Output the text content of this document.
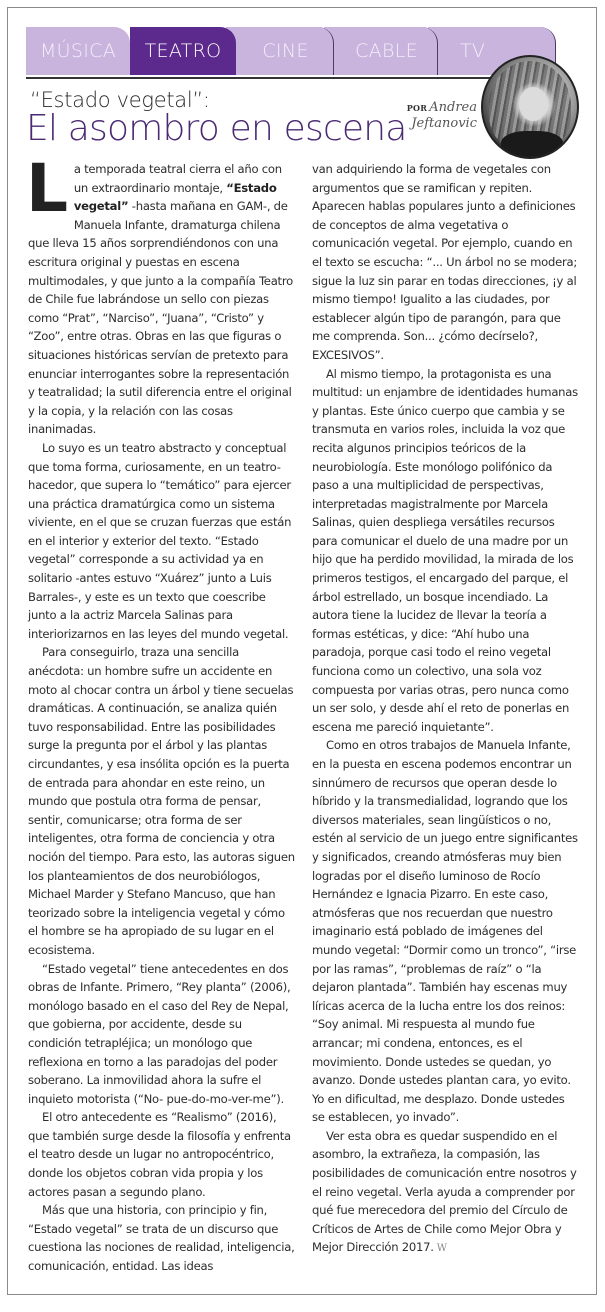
MÚSICA TEATRO CINE CABLE TV
“Estado vegetal”:
El asombro en escena POR Andrea
Jeftanovic

La temporada teatral cierra el año con un extraordinario montaje, “Estado vegetal” -hasta mañana en GAM-, de Manuela Infante, dramaturga chilena que lleva 15 años sorprendiéndonos con una escritura original y puestas en escena multimodales, y que junto a la compañía Teatro de Chile fue labrándose un sello con piezas como “Prat”, “Narciso”, “Juana”, “Cristo” y “Zoo”, entre otras. Obras en las que figuras o situaciones históricas servían de pretexto para enunciar interrogantes sobre la representación y teatralidad; la sutil diferencia entre el original y la copia, y la relación con las cosas inanimadas.

Lo suyo es un teatro abstracto y conceptual que toma forma, curiosamente, en un teatro-hacedor, que supera lo “temático” para ejercer una práctica dramatúrgica como un sistema viviente, en el que se cruzan fuerzas que están en el interior y exterior del texto. “Estado vegetal” corresponde a su actividad ya en solitario -antes estuvo “Xuárez” junto a Luis Barrales-, y este es un texto que coescribe junto a la actriz Marcela Salinas para interiorizarnos en las leyes del mundo vegetal.

Para conseguirlo, traza una sencilla anécdota: un hombre sufre un accidente en moto al chocar contra un árbol y tiene secuelas dramáticas. A continuación, se analiza quién tuvo responsabilidad. Entre las posibilidades surge la pregunta por el árbol y las plantas circundantes, y esa insólita opción es la puerta de entrada para ahondar en este reino, un mundo que postula otra forma de pensar, sentir, comunicarse; otra forma de ser inteligentes, otra forma de conciencia y otra noción del tiempo. Para esto, las autoras siguen los planteamientos de dos neurobiólogos, Michael Marder y Stefano Mancuso, que han teorizado sobre la inteligencia vegetal y cómo el hombre se ha apropiado de su lugar en el ecosistema.

“Estado vegetal” tiene antecedentes en dos obras de Infante. Primero, “Rey planta” (2006), monólogo basado en el caso del Rey de Nepal, que gobierna, por accidente, desde su condición tetrapléjica; un monólogo que reflexiona en torno a las paradojas del poder soberano. La inmovilidad ahora la sufre el inquieto motorista (“No- pue-do-mo-ver-me”).

El otro antecedente es “Realismo” (2016), que también surge desde la filosofía y enfrenta el teatro desde un lugar no antropocéntrico, donde los objetos cobran vida propia y los actores pasan a segundo plano.

Más que una historia, con principio y fin, “Estado vegetal” se trata de un discurso que cuestiona las nociones de realidad, inteligencia, comunicación, entidad. Las ideas

van adquiriendo la forma de vegetales con argumentos que se ramifican y repiten. Aparecen hablas populares junto a definiciones de conceptos de alma vegetativa o comunicación vegetal. Por ejemplo, cuando en el texto se escucha: “... Un árbol no se modera; sigue la luz sin parar en todas direcciones, ¡y al mismo tiempo! Igualito a las ciudades, por establecer algún tipo de parangón, para que me comprenda. Son... ¿cómo decírselo?, EXCESIVOS”.

Al mismo tiempo, la protagonista es una multitud: un enjambre de identidades humanas y plantas. Este único cuerpo que cambia y se transmuta en varios roles, incluida la voz que recita algunos principios teóricos de la neurobiología. Este monólogo polifónico da paso a una multiplicidad de perspectivas, interpretadas magistralmente por Marcela Salinas, quien despliega versátiles recursos para comunicar el duelo de una madre por un hijo que ha perdido movilidad, la mirada de los primeros testigos, el encargado del parque, el árbol estrellado, un bosque incendiado. La autora tiene la lucidez de llevar la teoría a formas estéticas, y dice: “Ahí hubo una paradoja, porque casi todo el reino vegetal funciona como un colectivo, una sola voz compuesta por varias otras, pero nunca como un ser solo, y desde ahí el reto de ponerlas en escena me pareció inquietante”.

Como en otros trabajos de Manuela Infante, en la puesta en escena podemos encontrar un sinnúmero de recursos que operan desde lo híbrido y la transmedialidad, logrando que los diversos materiales, sean lingüísticos o no, estén al servicio de un juego entre significantes y significados, creando atmósferas muy bien logradas por el diseño luminoso de Rocío Hernández e Ignacia Pizarro. En este caso, atmósferas que nos recuerdan que nuestro imaginario está poblado de imágenes del mundo vegetal: “Dormir como un tronco”, “irse por las ramas”, “problemas de raíz” o “la dejaron plantada”. También hay escenas muy líricas acerca de la lucha entre los dos reinos: “Soy animal. Mi respuesta al mundo fue arrancar; mi condena, entonces, es el movimiento. Donde ustedes se quedan, yo avanzo. Donde ustedes plantan cara, yo evito. Yo en dificultad, me desplazo. Donde ustedes se establecen, yo invado”.

Ver esta obra es quedar suspendido en el asombro, la extrañeza, la compasión, las posibilidades de comunicación entre nosotros y el reino vegetal. Verla ayuda a comprender por qué fue merecedora del premio del Círculo de Críticos de Artes de Chile como Mejor Obra y Mejor Dirección 2017. W
